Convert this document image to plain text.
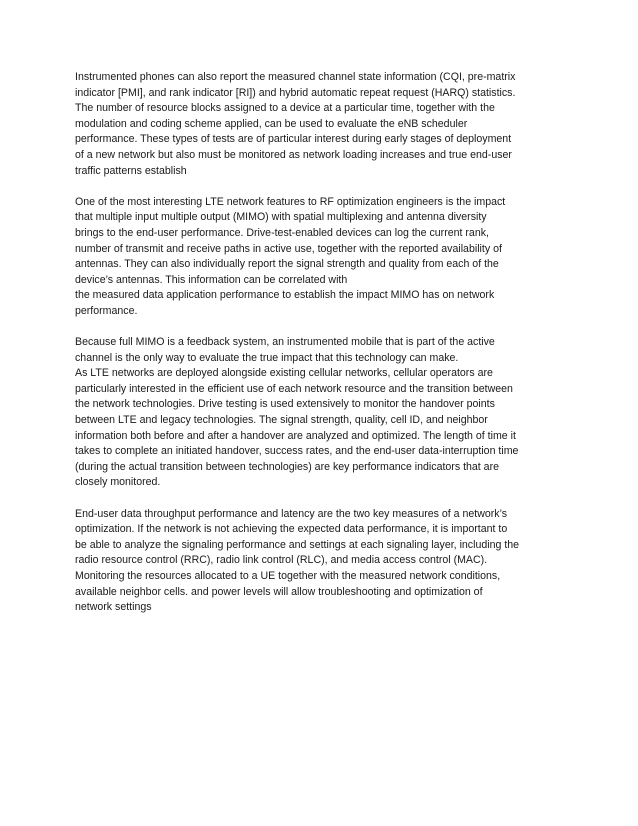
Instrumented phones can also report the measured channel state information (CQI, pre-matrix
indicator [PMI], and rank indicator [RI]) and hybrid automatic repeat request (HARQ) statistics.
The number of resource blocks assigned to a device at a particular time, together with the
modulation and coding scheme applied, can be used to evaluate the eNB scheduler
performance. These types of tests are of particular interest during early stages of deployment
of a new network but also must be monitored as network loading increases and true end-user
traffic patterns establish

One of the most interesting LTE network features to RF optimization engineers is the impact
that multiple input multiple output (MIMO) with spatial multiplexing and antenna diversity
brings to the end-user performance. Drive-test-enabled devices can log the current rank,
number of transmit and receive paths in active use, together with the reported availability of
antennas. They can also individually report the signal strength and quality from each of the
device’s antennas. This information can be correlated with
the measured data application performance to establish the impact MIMO has on network
performance.

Because full MIMO is a feedback system, an instrumented mobile that is part of the active
channel is the only way to evaluate the true impact that this technology can make.
As LTE networks are deployed alongside existing cellular networks, cellular operators are
particularly interested in the efficient use of each network resource and the transition between
the network technologies. Drive testing is used extensively to monitor the handover points
between LTE and legacy technologies. The signal strength, quality, cell ID, and neighbor
information both before and after a handover are analyzed and optimized. The length of time it
takes to complete an initiated handover, success rates, and the end-user data-interruption time
(during the actual transition between technologies) are key performance indicators that are
closely monitored.

End-user data throughput performance and latency are the two key measures of a network’s
optimization. If the network is not achieving the expected data performance, it is important to
be able to analyze the signaling performance and settings at each signaling layer, including the
radio resource control (RRC), radio link control (RLC), and media access control (MAC).
Monitoring the resources allocated to a UE together with the measured network conditions,
available neighbor cells. and power levels will allow troubleshooting and optimization of
network settings
